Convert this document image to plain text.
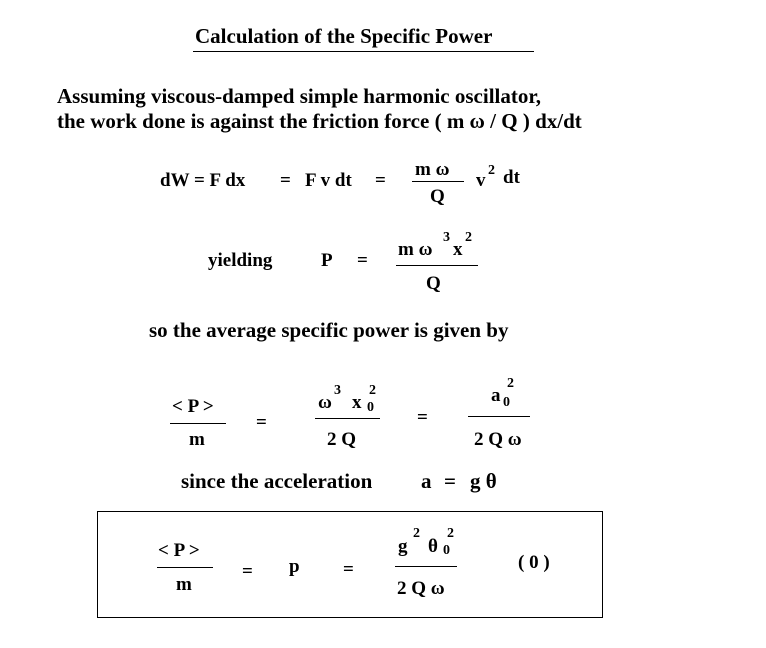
Calculation of the Specific Power
Assuming viscous-damped simple harmonic oscillator,
the work done is against the friction force ( m ω / Q ) dx/dt
dW = F dx = F v dt =
m ω
Q
v 2 dt
yielding	P =
m ω
3
x
2
Q
so the average specific power is given by
< P >
m
=
ω
3
x 0
2
2 Q
=
a 0
2
2 Q ω
since the acceleration a = g θ
< P >
m
= p =
g
2
θ 0
2
2 Q ω
( 0 )
